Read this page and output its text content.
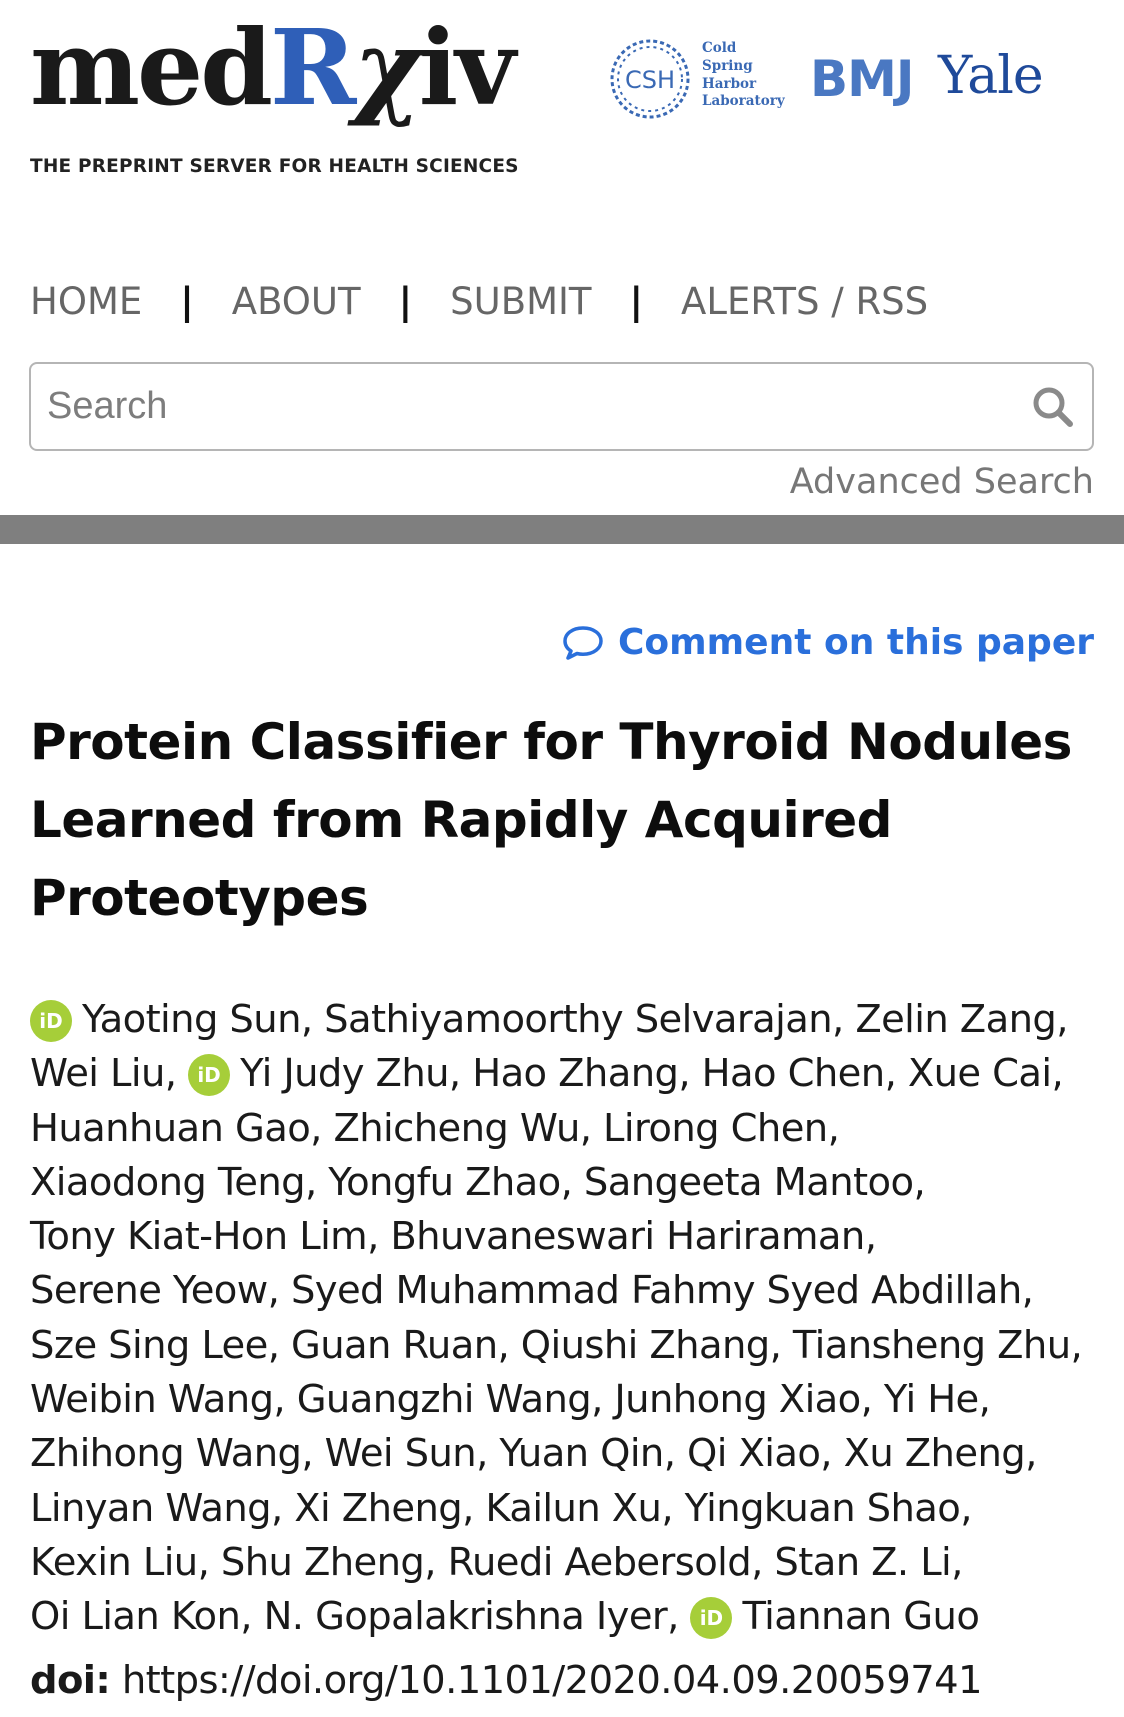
medRχiv
THE PREPRINT SERVER FOR HEALTH SCIENCES
CSH
Cold
Spring
Harbor
Laboratory BMJ Yale
HOME	|	ABOUT	|	SUBMIT	|	ALERTS / RSS
Search
Advanced Search
Comment on this paper
Protein Classifier for Thyroid Nodules Learned from Rapidly Acquired Proteotypes
iD Yaoting Sun, Sathiyamoorthy Selvarajan, Zelin Zang, Wei Liu, iD Yi Judy Zhu, Hao Zhang, Hao Chen, Xue Cai, Huanhuan Gao, Zhicheng Wu, Lirong Chen, Xiaodong Teng, Yongfu Zhao, Sangeeta Mantoo, Tony Kiat-Hon Lim, Bhuvaneswari Hariraman, Serene Yeow, Syed Muhammad Fahmy Syed Abdillah, Sze Sing Lee, Guan Ruan, Qiushi Zhang, Tiansheng Zhu, Weibin Wang, Guangzhi Wang, Junhong Xiao, Yi He, Zhihong Wang, Wei Sun, Yuan Qin, Qi Xiao, Xu Zheng, Linyan Wang, Xi Zheng, Kailun Xu, Yingkuan Shao, Kexin Liu, Shu Zheng, Ruedi Aebersold, Stan Z. Li, Oi Lian Kon, N. Gopalakrishna Iyer, iD Tiannan Guo
doi: https://doi.org/10.1101/2020.04.09.20059741
